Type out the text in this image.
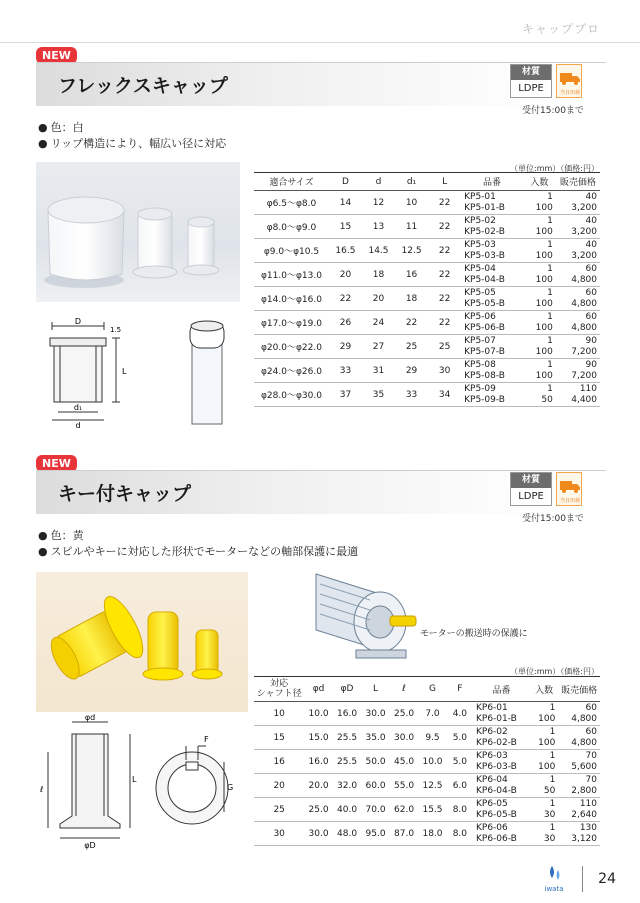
キャップブロ
NEW
フレックスキャップ
材質
LDPE	当日出荷
受付15:00まで
● 色：白
● リップ構造により、幅広い径に対応
D
d₁
d
L
1.5
（単位:mm）（価格:円）
適合サイズ	D	d	d₁	L	品番	入数	販売価格
φ6.5〜φ8.0	14	12	10	22	KP5-01	1	40
					KP5-01-B	100	3,200
φ8.0〜φ9.0	15	13	11	22	KP5-02	1	40
					KP5-02-B	100	3,200
φ9.0〜φ10.5	16.5	14.5	12.5	22	KP5-03	1	40
					KP5-03-B	100	3,200
φ11.0〜φ13.0	20	18	16	22	KP5-04	1	60
					KP5-04-B	100	4,800
φ14.0〜φ16.0	22	20	18	22	KP5-05	1	60
					KP5-05-B	100	4,800
φ17.0〜φ19.0	26	24	22	22	KP5-06	1	60
					KP5-06-B	100	4,800
φ20.0〜φ22.0	29	27	25	25	KP5-07	1	90
					KP5-07-B	100	7,200
φ24.0〜φ26.0	33	31	29	30	KP5-08	1	90
					KP5-08-B	100	7,200
φ28.0〜φ30.0	37	35	33	34	KP5-09	1	110
					KP5-09-B	50	4,400
NEW
キー付キャップ
材質
LDPE	当日出荷
受付15:00まで
● 色：黄
● スピルやキーに対応した形状でモーターなどの軸部保護に最適
モーターの搬送時の保護に
φd
φD
ℓ
L
F
G
（単位:mm）（価格:円）
対応
シャフト径	φd	φD	L	ℓ	G	F	品番	入数	販売価格
10	10.0	16.0	30.0	25.0	7.0	4.0	KP6-01	1	60
							KP6-01-B	100	4,800
15	15.0	25.5	35.0	30.0	9.5	5.0	KP6-02	1	60
							KP6-02-B	100	4,800
16	16.0	25.5	50.0	45.0	10.0	5.0	KP6-03	1	70
							KP6-03-B	100	5,600
20	20.0	32.0	60.0	55.0	12.5	6.0	KP6-04	1	70
							KP6-04-B	50	2,800
25	25.0	40.0	70.0	62.0	15.5	8.0	KP6-05	1	110
							KP6-05-B	30	2,640
30	30.0	48.0	95.0	87.0	18.0	8.0	KP6-06	1	130
							KP6-06-B	30	3,120
iwata
24
